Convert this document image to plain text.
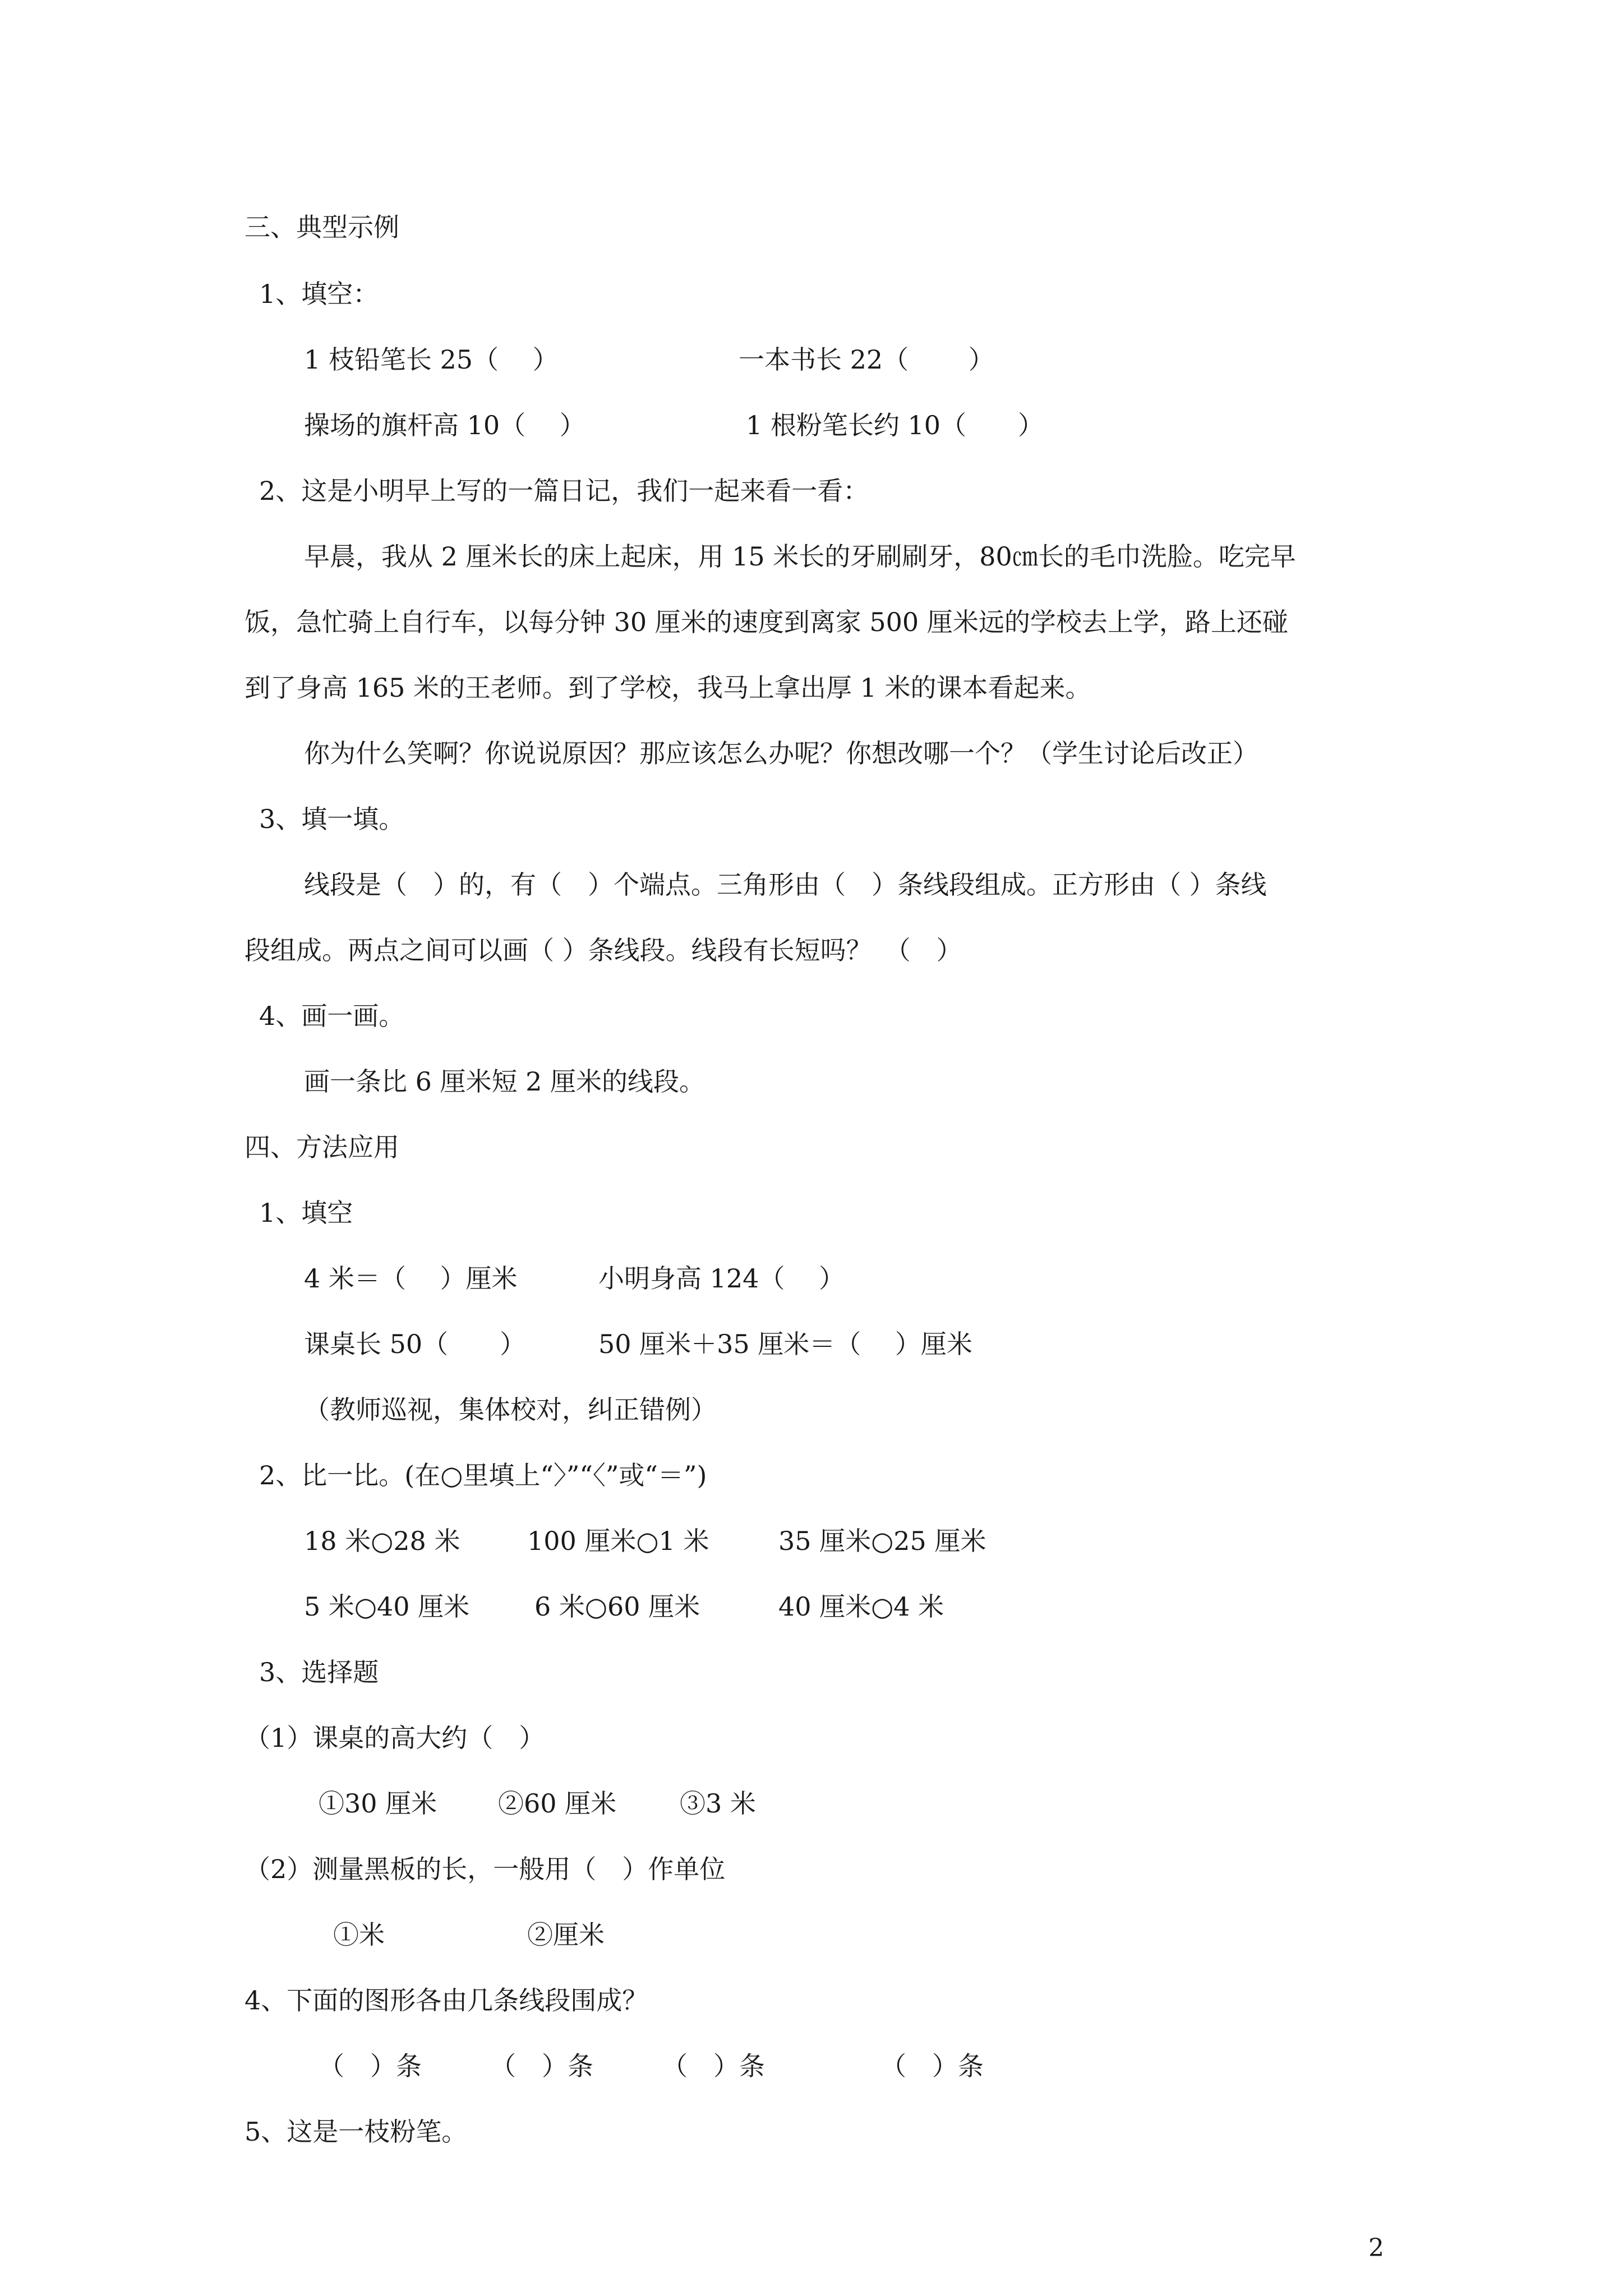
三、典型示例
1、填空：
1 枝铅笔长 25（　 ）	一本书长 22（　　 ）
操场的旗杆高 10（　 ）	1 根粉笔长约 10（　　）
2、这是小明早上写的一篇日记，我们一起来看一看：
早晨，我从 2 厘米长的床上起床，用 15 米长的牙刷刷牙，80㎝长的毛巾洗脸。吃完早
饭，急忙骑上自行车，以每分钟 30 厘米的速度到离家 500 厘米远的学校去上学，路上还碰
到了身高 165 米的王老师。到了学校，我马上拿出厚 1 米的课本看起来。
你为什么笑啊？你说说原因？那应该怎么办呢？你想改哪一个？（学生讨论后改正）
3、填一填。
线段是（　）的，有（　）个端点。三角形由（　）条线段组成。正方形由（ ）条线
段组成。两点之间可以画（ ）条线段。线段有长短吗？　（　）
4、画一画。
画一条比 6 厘米短 2 厘米的线段。
四、方法应用
1、填空
4 米＝（　 ）厘米	小明身高 124（　 ）
课桌长 50（　　）	50 厘米＋35 厘米＝（　 ）厘米
（教师巡视，集体校对，纠正错例）
2、比一比。(在○里填上“〉”“〈”或“＝”)
18 米○28 米	100 厘米○1 米	35 厘米○25 厘米
5 米○40 厘米	6 米○60 厘米	40 厘米○4 米
3、选择题
（1）课桌的高大约（　）
①30 厘米 ②60 厘米 ③3 米
（2）测量黑板的长，一般用（　）作单位
①米	②厘米
4、下面的图形各由几条线段围成？
（　）条	（　）条	（　）条	（　）条
5、这是一枝粉笔。
2
